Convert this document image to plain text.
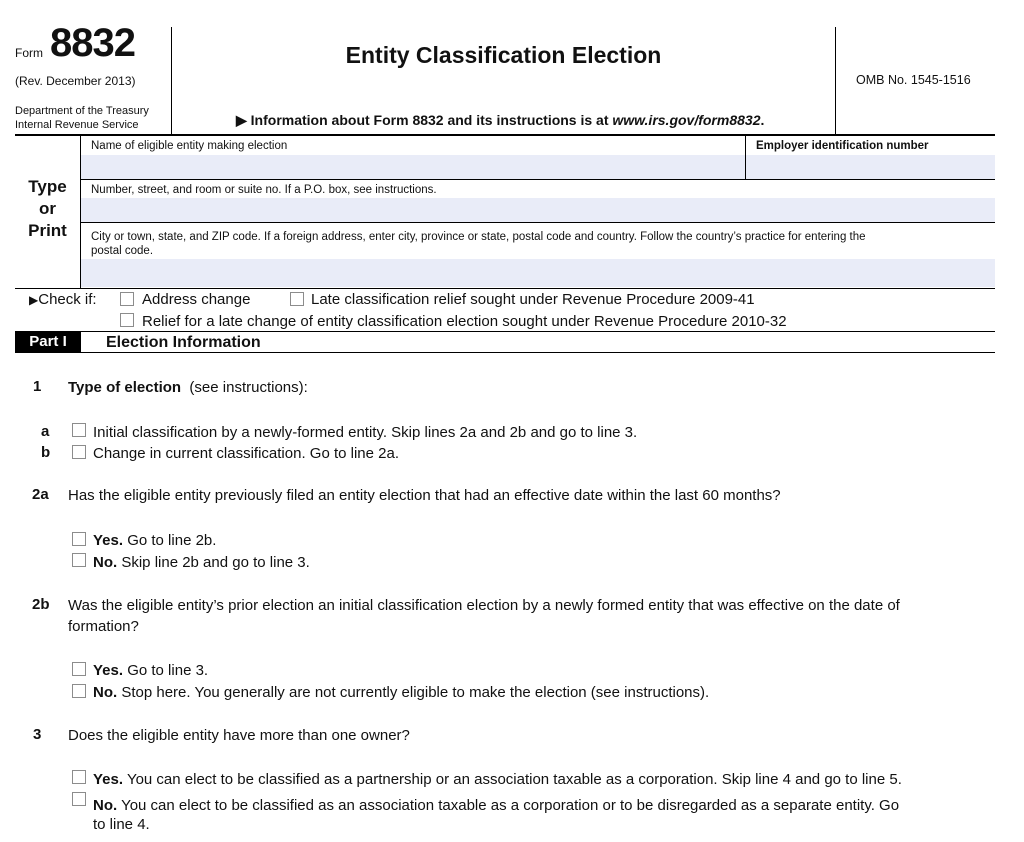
Form 8832
(Rev. December 2013)
Department of the Treasury
Internal Revenue Service
Entity Classification Election
▶ Information about Form 8832 and its instructions is at www.irs.gov/form8832.
OMB No. 1545-1516
Type
or
Print
Name of eligible entity making election	Employer identification number
Number, street, and room or suite no. If a P.O. box, see instructions.
City or town, state, and ZIP code. If a foreign address, enter city, province or state, postal code and country. Follow the country’s practice for entering the
postal code.
▶Check if:	Address change	Late classification relief sought under Revenue Procedure 2009-41
Relief for a late change of entity classification election sought under Revenue Procedure 2010-32
Part I	Election Information
1 Type of election (see instructions):
a	Initial classification by a newly-formed entity. Skip lines 2a and 2b and go to line 3.
b	Change in current classification. Go to line 2a.
2a Has the eligible entity previously filed an entity election that had an effective date within the last 60 months?
Yes. Go to line 2b.
No. Skip line 2b and go to line 3.
2b Was the eligible entity’s prior election an initial classification election by a newly formed entity that was effective on the date of
formation?
Yes. Go to line 3.
No. Stop here. You generally are not currently eligible to make the election (see instructions).
3 Does the eligible entity have more than one owner?
Yes. You can elect to be classified as a partnership or an association taxable as a corporation. Skip line 4 and go to line 5.
No. You can elect to be classified as an association taxable as a corporation or to be disregarded as a separate entity. Go
to line 4.
